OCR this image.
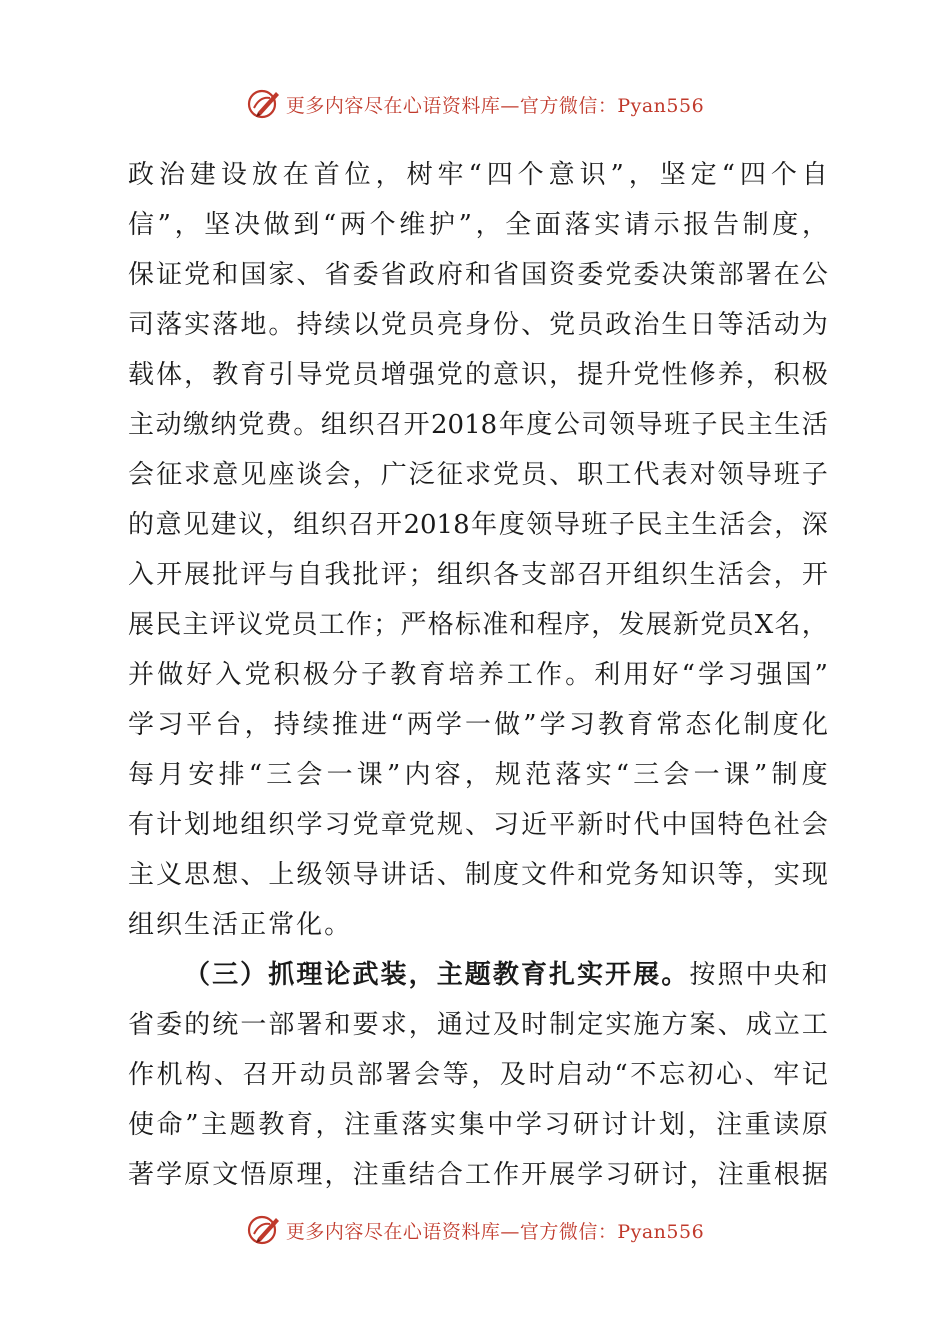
更多内容尽在心语资料库—官方微信：Pyan556
政 治 建 设 放 在 首 位 ， 树 牢 “ 四 个 意 识 ” ， 坚 定 “ 四 个 自
信 ” ， 坚 决 做 到 “ 两 个 维 护 ” ， 全 面 落 实 请 示 报 告 制 度 ，
保 证 党 和 国 家 、 省 委 省 政 府 和 省 国 资 委 党 委 决 策 部 署 在 公
司 落 实 落 地 。 持 续 以 党 员 亮 身 份 、 党 员 政 治 生 日 等 活 动 为
载 体 ， 教 育 引 导 党 员 增 强 党 的 意 识 ， 提 升 党 性 修 养 ， 积 极
主 动 缴 纳 党 费 。 组 织 召 开 2018 年 度 公 司 领 导 班 子 民 主 生 活
会 征 求 意 见 座 谈 会 ， 广 泛 征 求 党 员 、 职 工 代 表 对 领 导 班 子
的 意 见 建 议 ， 组 织 召 开 2018 年 度 领 导 班 子 民 主 生 活 会 ， 深
入 开 展 批 评 与 自 我 批 评 ； 组 织 各 支 部 召 开 组 织 生 活 会 ， 开
展 民 主 评 议 党 员 工 作 ； 严 格 标 准 和 程 序 ， 发 展 新 党 员 X 名 ，
并 做 好 入 党 积 极 分 子 教 育 培 养 工 作 。 利 用 好 “ 学 习 强 国 ”
学 习 平 台 ， 持 续 推 进 “ 两 学 一 做 ” 学 习 教 育 常 态 化 制 度 化
每 月 安 排 “ 三 会 一 课 ” 内 容 ， 规 范 落 实 “ 三 会 一 课 ” 制 度
有 计 划 地 组 织 学 习 党 章 党 规 、 习 近 平 新 时 代 中 国 特 色 社 会
主 义 思 想 、 上 级 领 导 讲 话 、 制 度 文 件 和 党 务 知 识 等 ， 实 现
组 织 生 活 正 常 化 。
（ 三 ） 抓 理 论 武 装 ， 主 题 教 育 扎 实 开 展 。 按 照 中 央 和
省 委 的 统 一 部 署 和 要 求 ， 通 过 及 时 制 定 实 施 方 案 、 成 立 工
作 机 构 、 召 开 动 员 部 署 会 等 ， 及 时 启 动 “ 不 忘 初 心 、 牢 记
使 命 ” 主 题 教 育 ， 注 重 落 实 集 中 学 习 研 讨 计 划 ， 注 重 读 原
著 学 原 文 悟 原 理 ， 注 重 结 合 工 作 开 展 学 习 研 讨 ， 注 重 根 据
更多内容尽在心语资料库—官方微信：Pyan556
